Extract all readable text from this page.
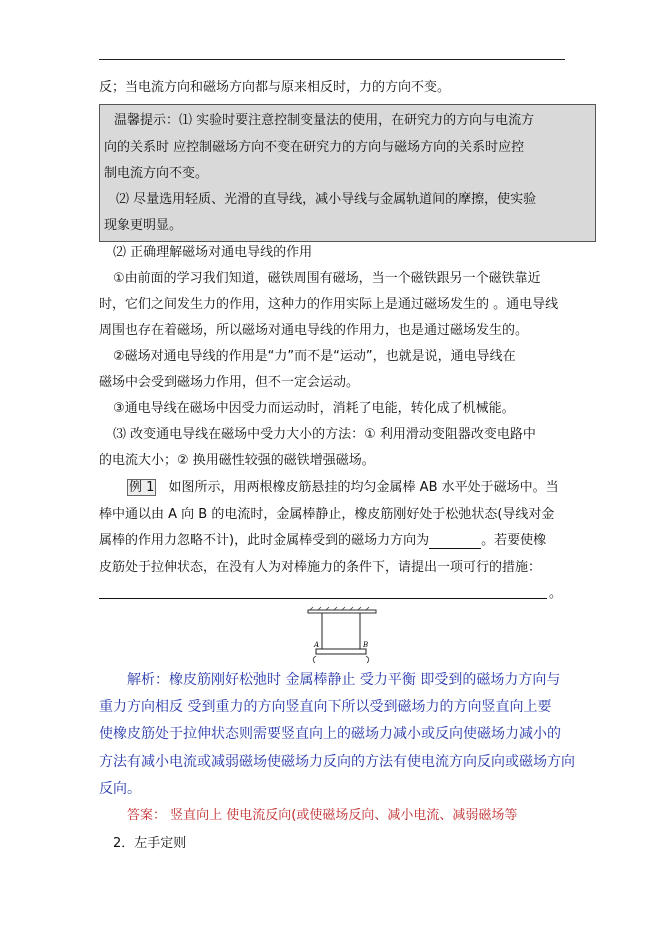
反；当电流方向和磁场方向都与原来相反时，力的方向不变。
温馨提示：⑴ 实验时要注意控制变量法的使用，在研究力的方向与电流方
向的关系时 应控制磁场方向不变在研究力的方向与磁场方向的关系时应控
制电流方向不变。
⑵ 尽量选用轻质、光滑的直导线，减小导线与金属轨道间的摩擦，使实验
现象更明显。
⑵ 正确理解磁场对通电导线的作用
①由前面的学习我们知道，磁铁周围有磁场，当一个磁铁跟另一个磁铁靠近
时，它们之间发生力的作用，这种力的作用实际上是通过磁场发生的 。通电导线
周围也存在着磁场，所以磁场对通电导线的作用力，也是通过磁场发生的。
②磁场对通电导线的作用是“力”而不是“运动”，也就是说，通电导线在
磁场中会受到磁场力作用，但不一定会运动。
③通电导线在磁场中因受力而运动时，消耗了电能，转化成了机械能。
⑶ 改变通电导线在磁场中受力大小的方法：① 利用滑动变阻器改变电路中
的电流大小；② 换用磁性较强的磁铁增强磁场。
例 1 如图所示，用两根橡皮筋悬挂的均匀金属棒 AB 水平处于磁场中。当
棒中通以由 A 向 B 的电流时，金属棒静止，橡皮筋刚好处于松弛状态(导线对金
属棒的作用力忽略不计)，此时金属棒受到的磁场力方向为	。若要使橡
皮筋处于拉伸状态，在没有人为对棒施力的条件下，请提出一项可行的措施：
。
A	B
解析：橡皮筋刚好松弛时 金属棒静止 受力平衡 即受到的磁场力方向与
重力方向相反 受到重力的方向竖直向下所以受到磁场力的方向竖直向上要
使橡皮筋处于拉伸状态则需要竖直向上的磁场力减小或反向使磁场力减小的
方法有减小电流或减弱磁场使磁场力反向的方法有使电流方向反向或磁场方向
反向。
答案： 竖直向上 使电流反向(或使磁场反向、减小电流、减弱磁场等
2．左手定则
